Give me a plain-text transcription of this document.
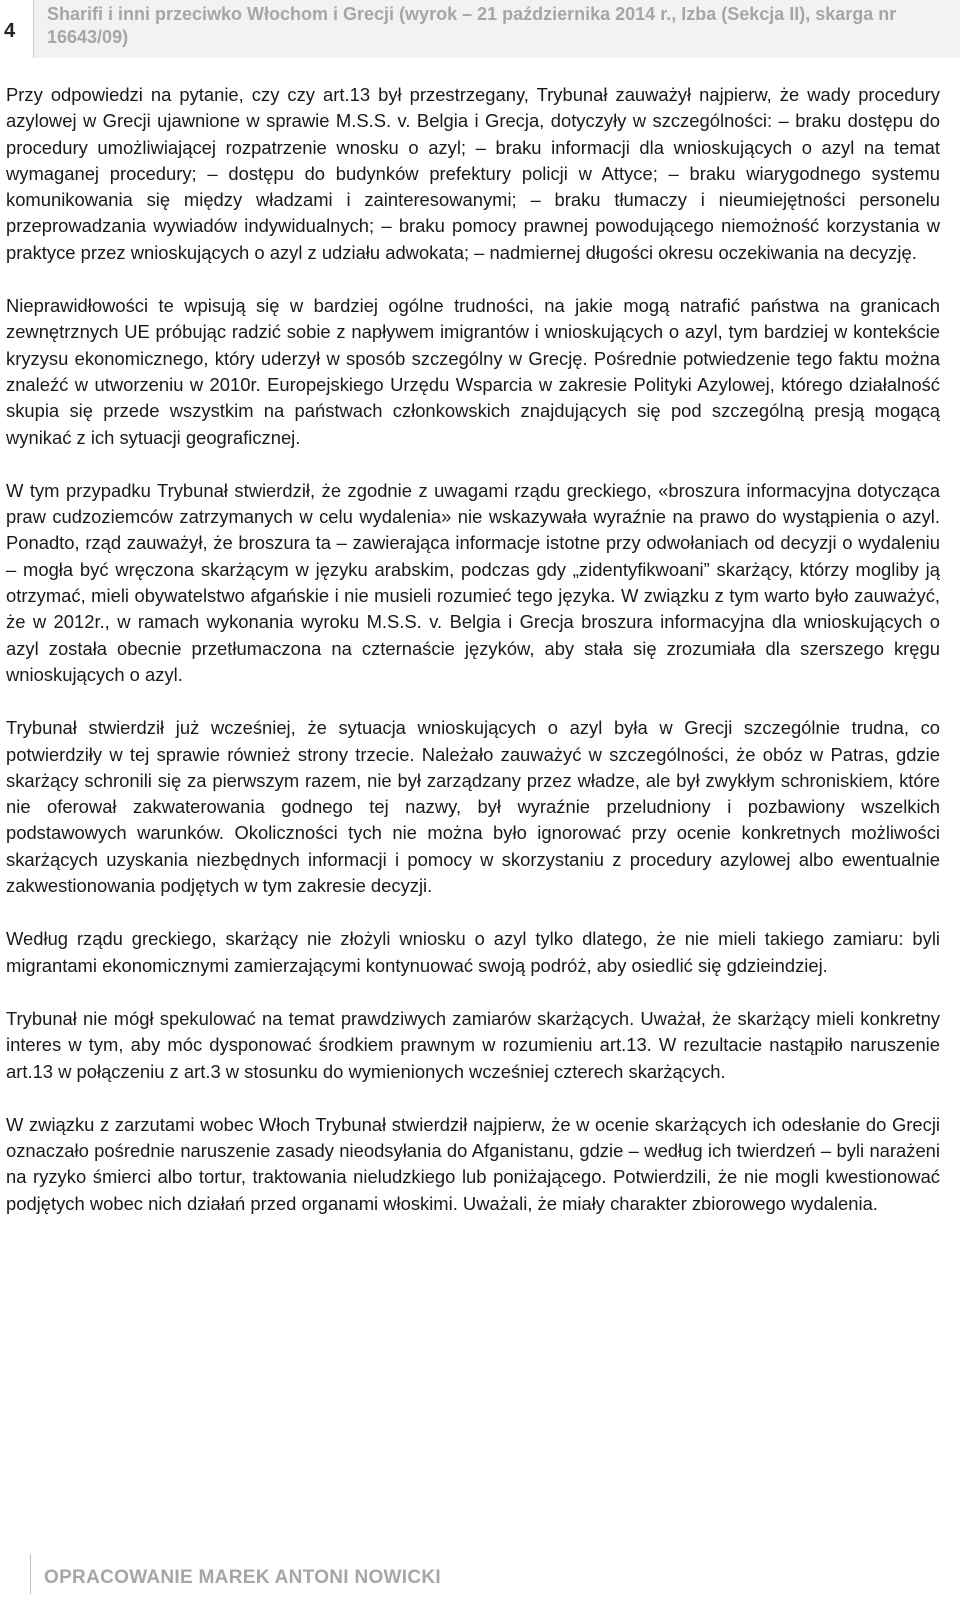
4
Sharifi i inni przeciwko Włochom i Grecji (wyrok – 21 października 2014 r., Izba (Sekcja II), skarga nr 16643/09)

Przy odpowiedzi na pytanie, czy czy art.13 był przestrzegany, Trybunał zauważył najpierw, że wady procedury azylowej w Grecji ujawnione w sprawie M.S.S. v. Belgia i Grecja, dotyczyły w szczególności: – braku dostępu do procedury umożliwiającej rozpatrzenie wnosku o azyl; – braku informacji dla wnioskujących o azyl na temat wymaganej procedury; – dostępu do budynków prefektury policji w Attyce; – braku wiarygodnego systemu komunikowania się między władzami i zainteresowanymi; – braku tłumaczy i nieumiejętności personelu przeprowadzania wywiadów indywidualnych; – braku pomocy prawnej powodującego niemożność korzystania w praktyce przez wnioskujących o azyl z udziału adwokata; – nadmiernej długości okresu oczekiwania na decyzję.

Nieprawidłowości te wpisują się w bardziej ogólne trudności, na jakie mogą natrafić państwa na granicach zewnętrznych UE próbując radzić sobie z napływem imigrantów i wnioskujących o azyl, tym bardziej w kontekście kryzysu ekonomicznego, który uderzył w sposób szczególny w Grecję. Pośrednie potwiedzenie tego faktu można znaleźć w utworzeniu w 2010r. Europejskiego Urzędu Wsparcia w zakresie Polityki Azylowej, którego działalność skupia się przede wszystkim na państwach członkowskich znajdujących się pod szczególną presją mogącą wynikać z ich sytuacji geograficznej.

W tym przypadku Trybunał stwierdził, że zgodnie z uwagami rządu greckiego, «broszura informacyjna dotycząca praw cudzoziemców zatrzymanych w celu wydalenia» nie wskazywała wyraźnie na prawo do wystąpienia o azyl. Ponadto, rząd zauważył, że broszura ta – zawierająca informacje istotne przy odwołaniach od decyzji o wydaleniu – mogła być wręczona skarżącym w języku arabskim, podczas gdy „zidentyfikwoani” skarżący, którzy mogliby ją otrzymać, mieli obywatelstwo afgańskie i nie musieli rozumieć tego języka. W związku z tym warto było zauważyć, że w 2012r., w ramach wykonania wyroku M.S.S. v. Belgia i Grecja broszura informacyjna dla wnioskujących o azyl została obecnie przetłumaczona na czternaście języków, aby stała się zrozumiała dla szerszego kręgu wnioskujących o azyl.

Trybunał stwierdził już wcześniej, że sytuacja wnioskujących o azyl była w Grecji szczególnie trudna, co potwierdziły w tej sprawie również strony trzecie. Należało zauważyć w szczególności, że obóz w Patras, gdzie skarżący schronili się za pierwszym razem, nie był zarządzany przez władze, ale był zwykłym schroniskiem, które nie oferował zakwaterowania godnego tej nazwy, był wyraźnie przeludniony i pozbawiony wszelkich podstawowych warunków. Okoliczności tych nie można było ignorować przy ocenie konkretnych możliwości skarżących uzyskania niezbędnych informacji i pomocy w skorzystaniu z procedury azylowej albo ewentualnie zakwestionowania podjętych w tym zakresie decyzji.

Według rządu greckiego, skarżący nie złożyli wniosku o azyl tylko dlatego, że nie mieli takiego zamiaru: byli migrantami ekonomicznymi zamierzającymi kontynuować swoją podróż, aby osiedlić się gdzieindziej.

Trybunał nie mógł spekulować na temat prawdziwych zamiarów skarżących. Uważał, że skarżący mieli konkretny interes w tym, aby móc dysponować środkiem prawnym w rozumieniu art.13. W rezultacie nastąpiło naruszenie art.13 w połączeniu z art.3 w stosunku do wymienionych wcześniej czterech skarżących.

W związku z zarzutami wobec Włoch Trybunał stwierdził najpierw, że w ocenie skarżących ich odesłanie do Grecji oznaczało pośrednie naruszenie zasady nieodsyłania do Afganistanu, gdzie – według ich twierdzeń – byli narażeni na ryzyko śmierci albo tortur, traktowania nieludzkiego lub poniżającego. Potwierdzili, że nie mogli kwestionować podjętych wobec nich działań przed organami włoskimi. Uważali, że miały charakter zbiorowego wydalenia.

OPRACOWANIE MAREK ANTONI NOWICKI
